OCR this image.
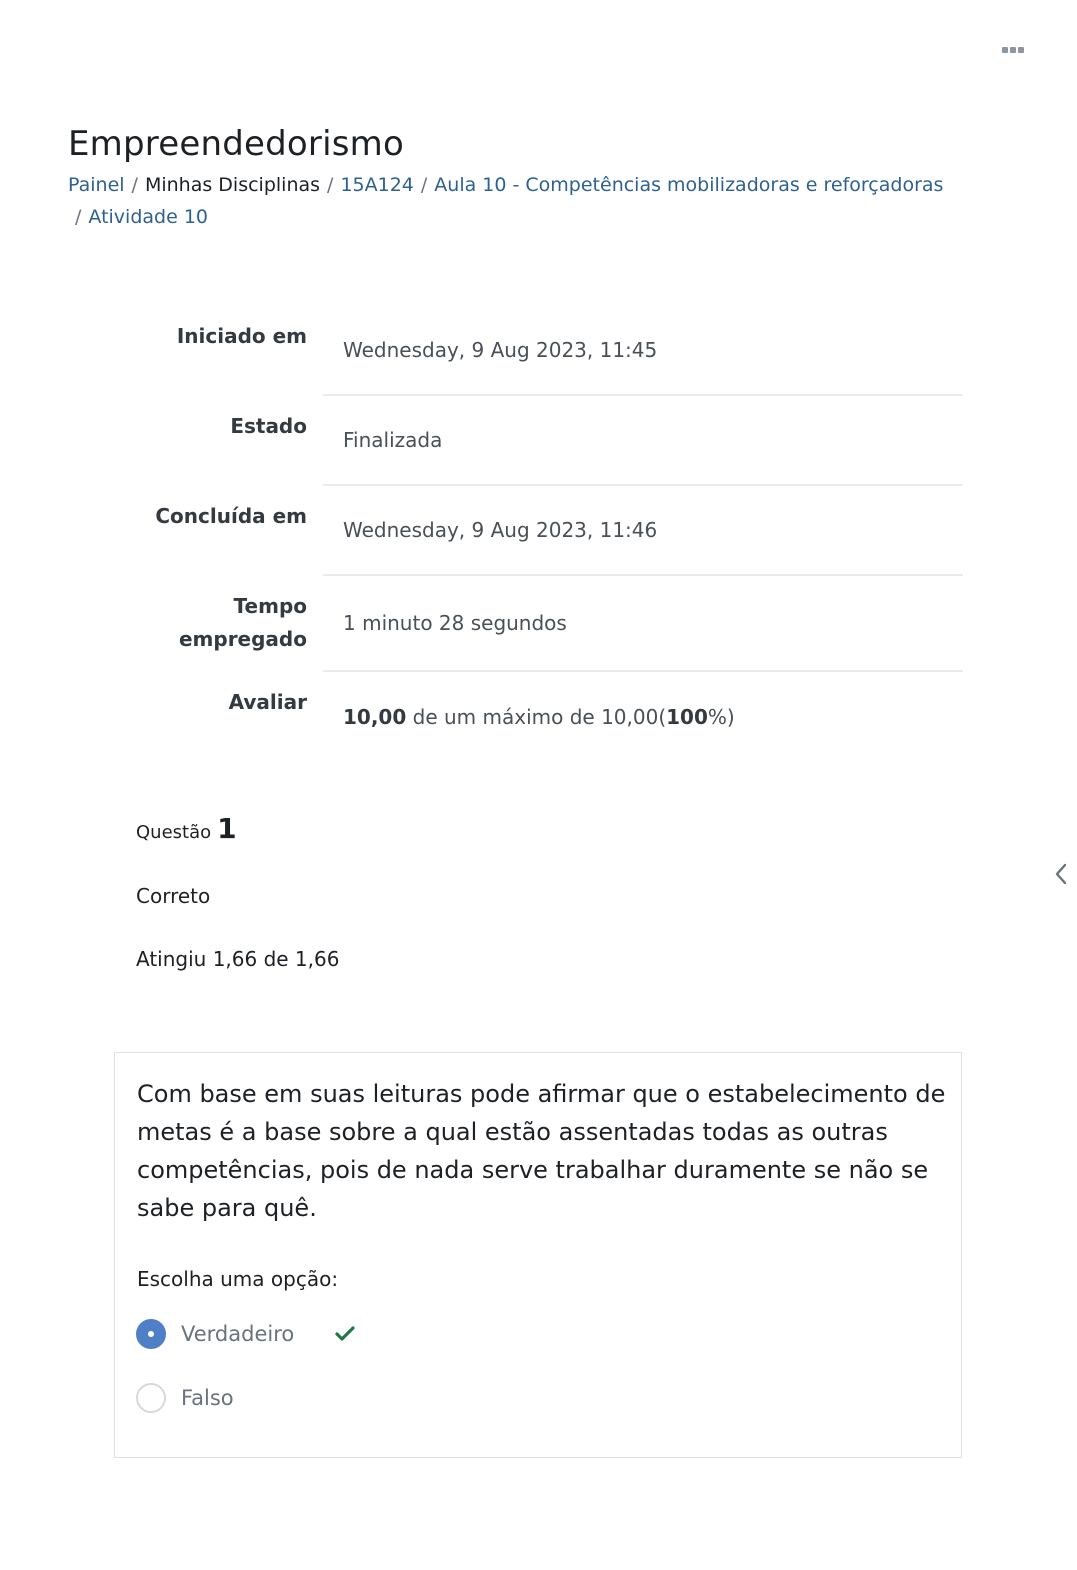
Empreendedorismo
Painel / Minhas Disciplinas / 15A124 / Aula 10 - Competências mobilizadoras e reforçadoras / Atividade 10
Iniciado em
Wednesday, 9 Aug 2023, 11:45
Estado
Finalizada
Concluída em
Wednesday, 9 Aug 2023, 11:46
Tempo
empregado
1 minuto 28 segundos
Avaliar
10,00
de um máximo de 10,00( 100 %)
Questão 1
Correto
Atingiu 1,66 de 1,66

Com base em suas leituras pode afirmar que o estabelecimento de metas é a base sobre a qual estão assentadas todas as outras competências, pois de nada serve trabalhar duramente se não se sabe para quê.

Escolha uma opção:
Verdadeiro
Falso
